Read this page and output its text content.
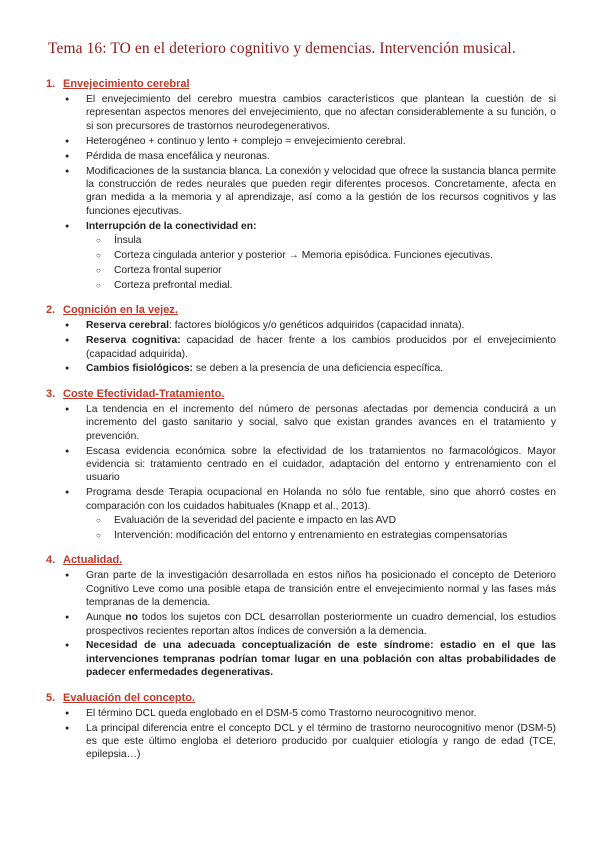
Tema 16: TO en el deterioro cognitivo y demencias. Intervención musical.
1. Envejecimiento cerebral
● El envejecimiento del cerebro muestra cambios característicos que plantean la cuestión de si representan aspectos menores del envejecimiento, que no afectan considerablemente a su función, o si son precursores de trastornos neurodegenerativos.
● Heterogéneo + continuo y lento + complejo = envejecimiento cerebral.
● Pérdida de masa encefálica y neuronas.
● Modificaciones de la sustancia blanca. La conexión y velocidad que ofrece la sustancia blanca permite la construcción de redes neurales que pueden regir diferentes procesos. Concretamente, afecta en gran medida a la memoria y al aprendizaje, así como a la gestión de los recursos cognitivos y las funciones ejecutivas.
● Interrupción de la conectividad en:
○ Ínsula
○ Corteza cingulada anterior y posterior → Memoria episódica. Funciones ejecutivas.
○ Corteza frontal superior
○ Corteza prefrontal medial.
2. Cognición en la vejez.
● Reserva cerebral: factores biológicos y/o genéticos adquiridos (capacidad innata).
● Reserva cognitiva: capacidad de hacer frente a los cambios producidos por el envejecimiento (capacidad adquirida).
● Cambios fisiológicos: se deben a la presencia de una deficiencia específica.
3. Coste Efectividad-Tratamiento.
● La tendencia en el incremento del número de personas afectadas por demencia conducirá a un incremento del gasto sanitario y social, salvo que existan grandes avances en el tratamiento y prevención.
● Escasa evidencia económica sobre la efectividad de los tratamientos no farmacológicos. Mayor evidencia si: tratamiento centrado en el cuidador, adaptación del entorno y entrenamiento con el usuario
● Programa desde Terapia ocupacional en Holanda no sólo fue rentable, sino que ahorró costes en comparación con los cuidados habituales (Knapp et al., 2013).
○ Evaluación de la severidad del paciente e impacto en las AVD
○ Intervención: modificación del entorno y entrenamiento en estrategias compensatorias
4. Actualidad.
● Gran parte de la investigación desarrollada en estos niños ha posicionado el concepto de Deterioro Cognitivo Leve como una posible etapa de transición entre el envejecimiento normal y las fases más tempranas de la demencia.
● Aunque no todos los sujetos con DCL desarrollan posteriormente un cuadro demencial, los estudios prospectivos recientes reportan altos índices de conversión a la demencia.
● Necesidad de una adecuada conceptualización de este síndrome: estadio en el que las intervenciones tempranas podrían tomar lugar en una población con altas probabilidades de padecer enfermedades degenerativas.
5. Evaluación del concepto.
● El término DCL queda englobado en el DSM-5 como Trastorno neurocognitivo menor.
● La principal diferencia entre el concepto DCL y el término de trastorno neurocognitivo menor (DSM-5) es que este último engloba el deterioro producido por cualquier etiología y rango de edad (TCE, epilepsia…)
